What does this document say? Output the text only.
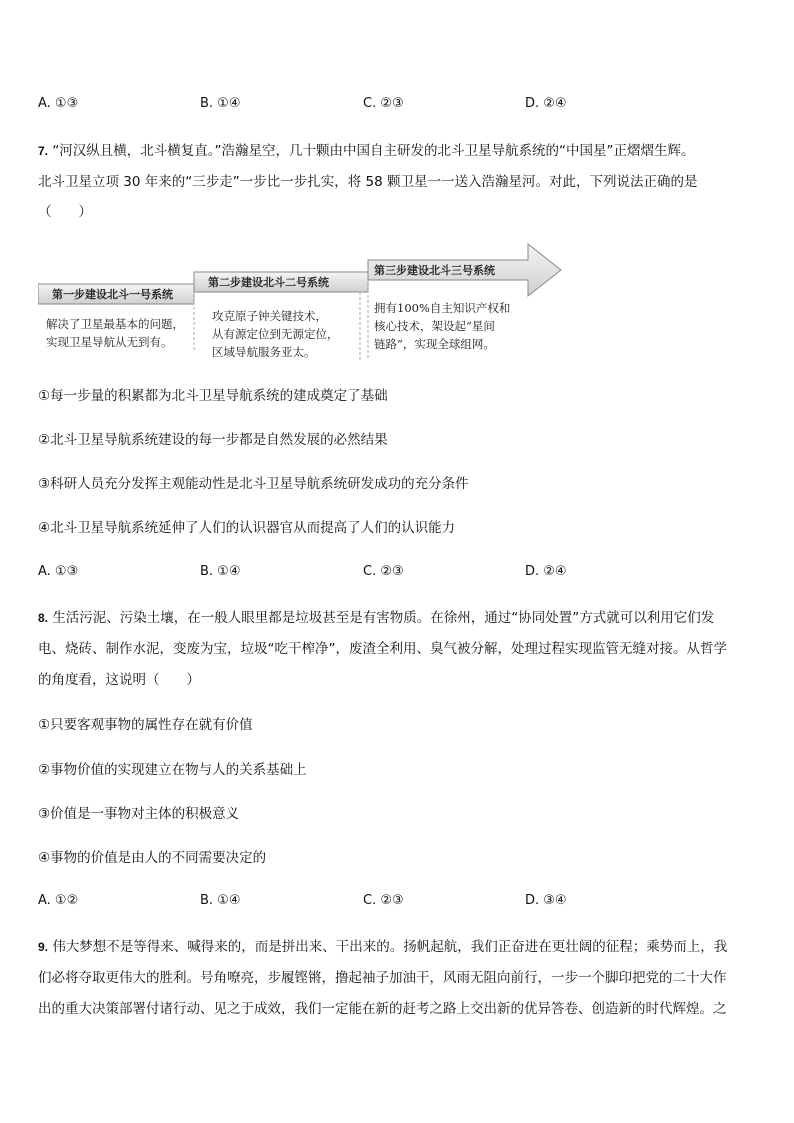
A. ①③	B. ①④	C. ②③	D. ②④
7. “河汉纵且横，北斗横复直。”浩瀚星空，几十颗由中国自主研发的北斗卫星导航系统的“中国星”正熠熠生辉。
北斗卫星立项 30 年来的“三步走”一步比一步扎实，将 58 颗卫星一一送入浩瀚星河。对此，下列说法正确的是
（　　）
第一步建设北斗一号系统
第二步建设北斗二号系统
第三步建设北斗三号系统
解决了卫星最基本的问题，
实现卫星导航从无到有。
攻克原子钟关键技术，
从有源定位到无源定位，
区域导航服务亚太。
拥有100%自主知识产权和
核心技术，架设起“星间
链路”，实现全球组网。
①每一步量的积累都为北斗卫星导航系统的建成奠定了基础
②北斗卫星导航系统建设的每一步都是自然发展的必然结果
③科研人员充分发挥主观能动性是北斗卫星导航系统研发成功的充分条件
④北斗卫星导航系统延伸了人们的认识器官从而提高了人们的认识能力
A. ①③	B. ①④	C. ②③	D. ②④
8. 生活污泥、污染土壤，在一般人眼里都是垃圾甚至是有害物质。在徐州，通过“协同处置”方式就可以利用它们发
电、烧砖、制作水泥，变废为宝，垃圾“吃干榨净”，废渣全利用、臭气被分解，处理过程实现监管无缝对接。从哲学
的角度看，这说明（　　）
①只要客观事物的属性存在就有价值
②事物价值的实现建立在物与人的关系基础上
③价值是一事物对主体的积极意义
④事物的价值是由人的不同需要决定的
A. ①②	B. ①④	C. ②③	D. ③④
9. 伟大梦想不是等得来、喊得来的，而是拼出来、干出来的。扬帆起航，我们正奋进在更壮阔的征程；乘势而上，我
们必将夺取更伟大的胜利。号角嘹亮，步履铿锵，撸起袖子加油干，风雨无阻向前行，一步一个脚印把党的二十大作
出的重大决策部署付诸行动、见之于成效，我们一定能在新的赶考之路上交出新的优异答卷、创造新的时代辉煌。之
